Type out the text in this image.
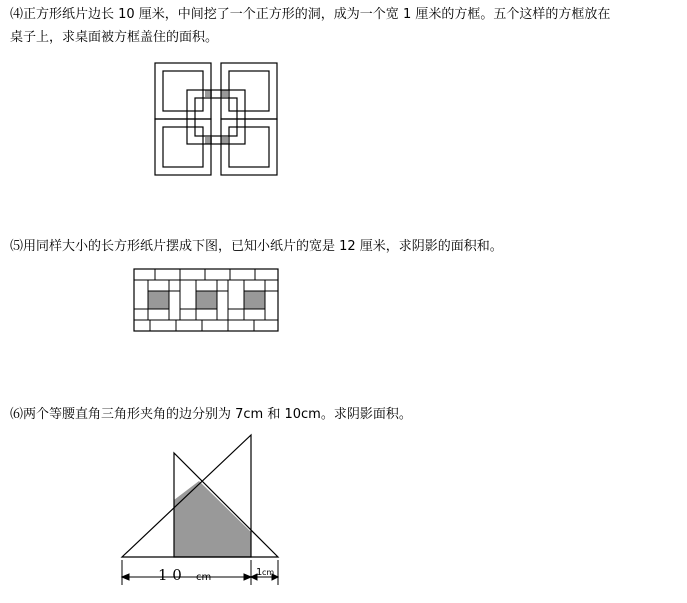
⑷正方形纸片边长 10 厘米，中间挖了一个正方形的洞，成为一个宽 1 厘米的方框。五个这样的方框放在
桌子上，求桌面被方框盖住的面积。
⑸用同样大小的长方形纸片摆成下图，已知小纸片的宽是 12 厘米，求阴影的面积和。
⑹两个等腰直角三角形夹角的边分别为 7cm 和 10cm。求阴影面积。
1 0 cm	1 cm
